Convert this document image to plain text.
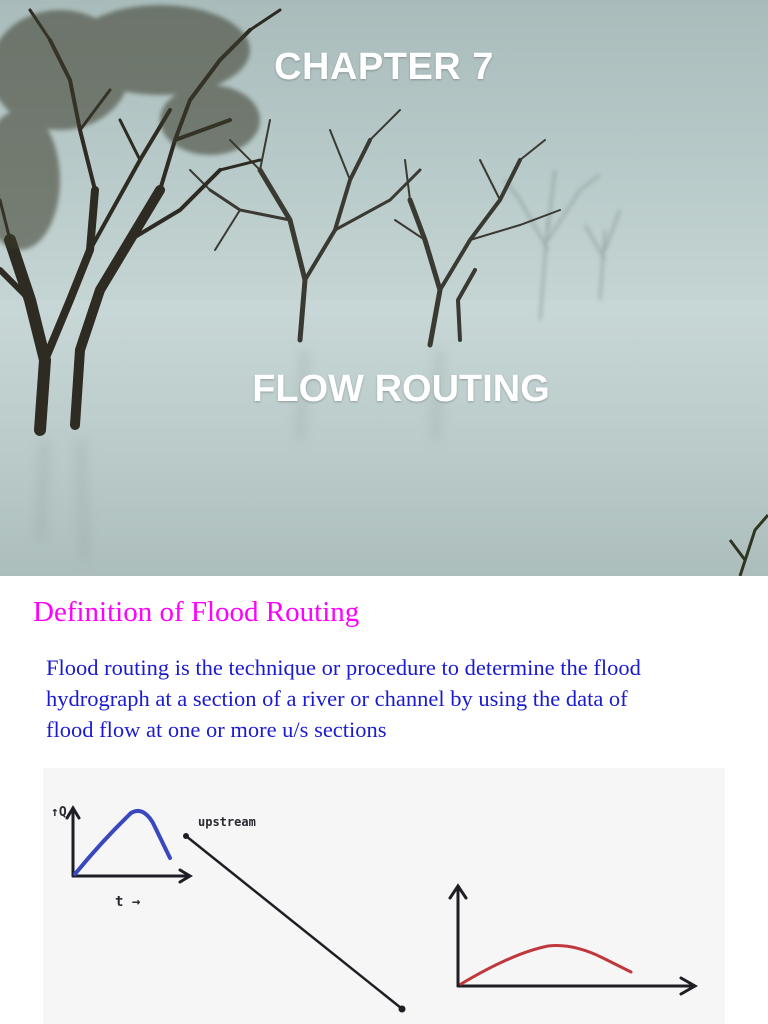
CHAPTER 7
FLOW ROUTING
Definition of Flood Routing
Flood routing is the technique or procedure to determine the flood
hydrograph at a section of a river or channel by using the data of
flood flow at one or more u/s sections
↑Q
t →
upstream
